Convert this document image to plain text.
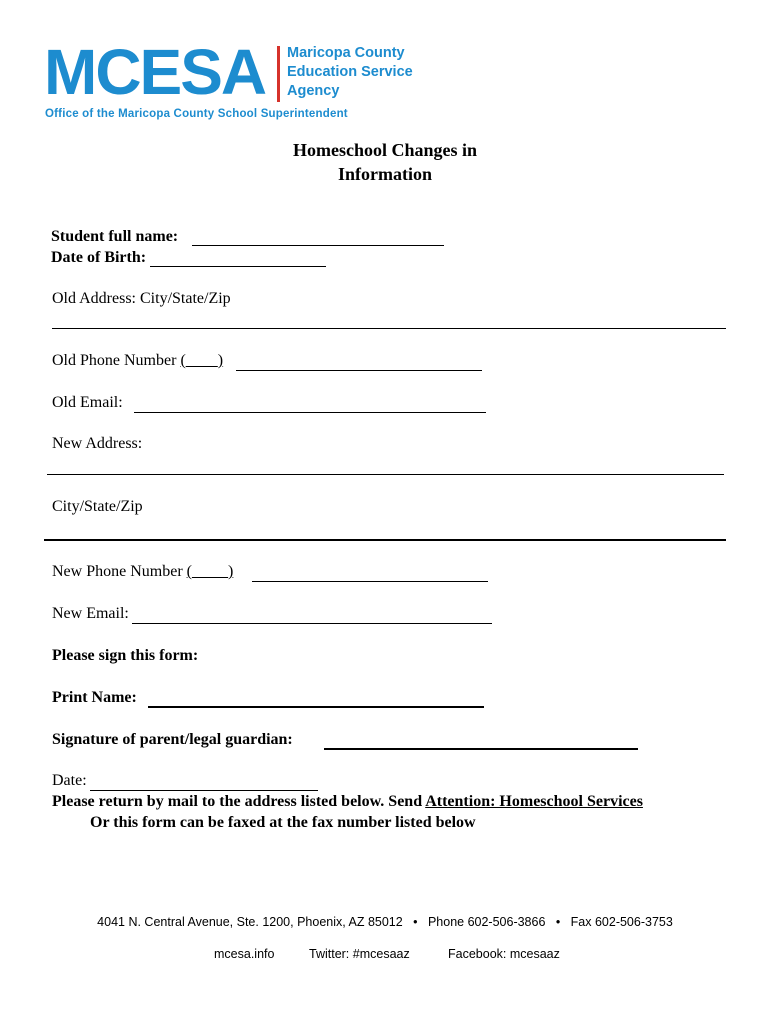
MCESA Maricopa County
Education Service
Agency
Office of the Maricopa County School Superintendent
Homeschool Changes in
Information
Student full name:
Date of Birth:
Old Address: City/State/Zip
Old Phone Number (____)
Old Email:
New Address:
City/State/Zip
New Phone Number (_ ___)
New Email:
Please sign this form:
Print Name:
Signature of parent/legal guardian:
Date:
Please return by mail to the address listed below. Send Attention: Homeschool Services
Or this form can be faxed at the fax number listed below
4041 N. Central Avenue, Ste. 1200, Phoenix, AZ 85012 • Phone 602-506-3866 • Fax 602-506-3753
mcesa.info	Twitter: #mcesaaz	Facebook: mcesaaz
